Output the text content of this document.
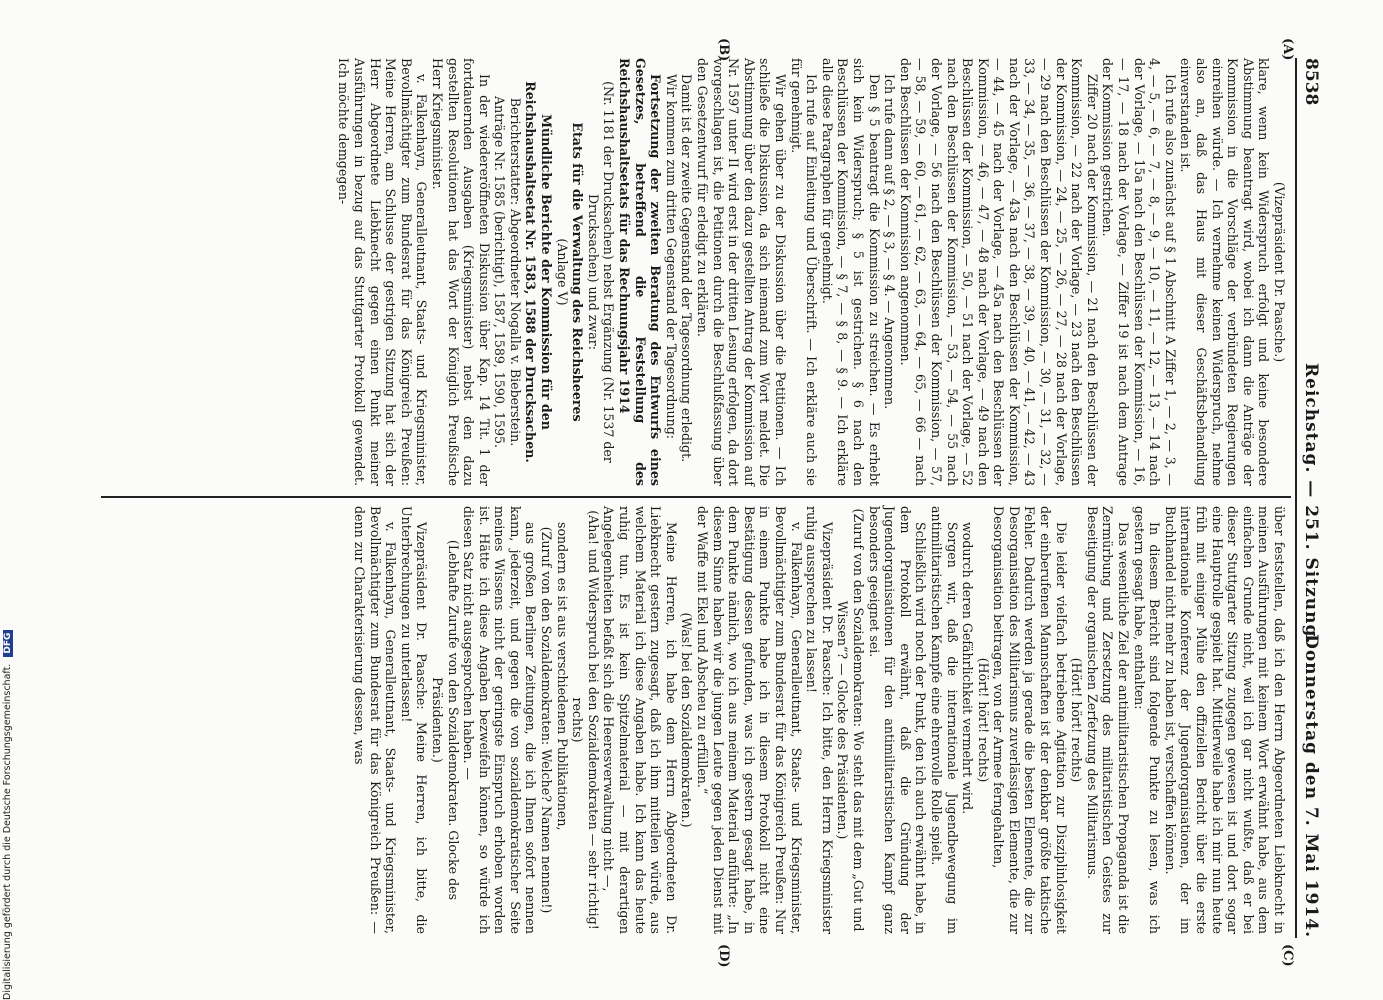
8538
Reichstag. — 251. Sitzung.
Donnerstag den 7. Mai 1914.
(A)
(B)
(C)
(D)

(Vizepräsident Dr. Paasche.)

klare, wenn kein Widerspruch erfolgt und keine besondere Abstimmung beantragt wird, wobei ich dann die Anträge der Kommission in die Vorschläge der verbündeten Regierungen einreihen würde. — Ich vernehme keinen Widerspruch, nehme also an, daß das Haus mit dieser Geschäftsbehandlung einverstanden ist.

Ich rufe also zunächst auf § 1 Abschnitt A Ziffer 1, — 2, — 3, — 4, — 5, — 6, — 7, — 8, — 9, — 10, — 11, — 12, — 13, — 14 nach der Vorlage, — 15a nach den Beschlüssen der Kommission, — 16, — 17, — 18 nach der Vorlage, — Ziffer 19 ist nach dem Antrage der Kommission gestrichen.

Ziffer 20 nach der Kommission, — 21 nach den Beschlüssen der Kommission, — 22 nach der Vorlage, — 23 nach den Beschlüssen der Kommission, — 24, — 25, — 26, — 27, — 28 nach der Vorlage, — 29 nach den Beschlüssen der Kommission, — 30, — 31, — 32, — 33, — 34, — 35, — 36, — 37, — 38, — 39, — 40, — 41, — 42, — 43 nach der Vorlage, — 43a nach den Beschlüssen der Kommission, — 44, — 45 nach der Vorlage, — 45a nach den Beschlüssen der Kommission, — 46, — 47, — 48 nach der Vorlage, — 49 nach den Beschlüssen der Kommission, — 50, — 51 nach der Vorlage, — 52 nach den Beschlüssen der Kommission, — 53, — 54, — 55 nach der Vorlage, — 56 nach den Beschlüssen der Kommission, — 57, — 58, — 59, — 60, — 61, — 62, — 63, — 64, — 65, — 66 — nach den Beschlüssen der Kommission angenommen.

Ich rufe dann auf § 2, — § 3, — § 4. — Angenommen.

Den § 5 beantragt die Kommission zu streichen. — Es erhebt sich kein Widerspruch; § 5 ist gestrichen. § 6 nach den Beschlüssen der Kommission, — § 7, — § 8, — § 9. — Ich erkläre alle diese Paragraphen für genehmigt.

Ich rufe auf Einleitung und Überschrift. — Ich erkläre auch sie für genehmigt.

Wir gehen über zu der Diskussion über die Petitionen. — Ich schließe die Diskussion, da sich niemand zum Wort meldet. Die Abstimmung über den dazu gestellten Antrag der Kommission auf Nr. 1597 unter II wird erst in der dritten Lesung erfolgen, da dort vorgeschlagen ist, die Petitionen durch die Beschlußfassung über den Gesetzentwurf für erledigt zu erklären.

Damit ist der zweite Gegenstand der Tagesordnung erledigt.

Wir kommen zum dritten Gegenstand der Tagesordnung:

Fortsetzung der zweiten Beratung des Entwurfs eines Gesetzes, betreffend die Feststellung des Reichshaushaltsetats für das Rechnungsjahr 1914

(Nr. 1181 der Drucksachen) nebst Ergänzung (Nr. 1537 der Drucksachen) und zwar:

Etats für die Verwaltung des Reichsheeres

(Anlage V)

Mündliche Berichte der Kommission für den Reichshaushaltsetat Nr. 1583, 1588 der Drucksachen.

Berichterstatter: Abgeordneter Nogalla v. Bieberstein.

Anträge Nr. 1585 (berichtigt), 1587, 1589, 1590, 1595.

In der wiedereröffneten Diskussion über Kap. 14 Tit. 1 der fortdauernden Ausgaben (Kriegsminister) nebst den dazu gestellten Resolutionen hat das Wort der Königlich Preußische Herr Kriegsminister.

v. Falkenhayn, Generalleutnant, Staats- und Kriegsminister, Bevollmächtigter zum Bundesrat für das Königreich Preußen: Meine Herren, am Schlusse der gestrigen Sitzung hat sich der Herr Abgeordnete Liebknecht gegen einen Punkt meiner Ausführungen in bezug auf das Stuttgarter Protokoll gewendet. Ich möchte demgegen-

über feststellen, daß ich den Herrn Abgeordneten Liebknecht in meinen Ausführungen mit keinem Wort erwähnt habe, aus dem einfachen Grunde nicht, weil ich gar nicht wußte, daß er bei dieser Stuttgarter Sitzung zugegen gewesen ist und dort sogar eine Hauptrolle gespielt hat. Mittlerweile habe ich mir nun heute früh mit einiger Mühe den offiziellen Bericht über die erste internationale Konferenz der Jugendorganisationen, der im Buchhandel nicht mehr zu haben ist, verschaffen können.

In diesem Bericht sind folgende Punkte zu lesen, was ich gestern gesagt habe, enthalten:

Das wesentliche Ziel der antimilitaristischen Propaganda ist die Zermürbung und Zersetzung des militaristischen Geistes zur Beseitigung der organischen Zerfetzung des Militarismus.

(Hört! hört! rechts)

Die leider vielfach betriebene Agitation zur Disziplinlosigkeit der einberufenen Mannschaften ist der denkbar größte taktische Fehler. Dadurch werden ja gerade die besten Elemente, die zur Desorganisation des Militarismus zuverlässigen Elemente, die zur Desorganisation beitragen, von der Armee ferngehalten,

(Hört! hört! rechts)

wodurch deren Gefährlichkeit vermehrt wird.

Sorgen wir, daß die internationale Jugendbewegung im antimilitaristischen Kampfe eine ehrenvolle Rolle spielt.

Schließlich wird noch der Punkt, den ich auch erwähnt habe, in dem Protokoll erwähnt, daß die Gründung der Jugendorganisationen für den antimilitaristischen Kampf ganz besonders geeignet sei.

(Zuruf von den Sozialdemokraten: Wo steht das mit dem „Gut und Wissen“? — Glocke des Präsidenten.)

Vizepräsident Dr. Paasche: Ich bitte, den Herrn Kriegsminister ruhig aussprechen zu lassen!

v. Falkenhayn, Generalleutnant, Staats- und Kriegsminister, Bevollmächtigter zum Bundesrat für das Königreich Preußen: Nur in einem Punkte habe ich in diesem Protokoll nicht eine Bestätigung dessen gefunden, was ich gestern gesagt habe, in dem Punkte nämlich, wo ich aus meinem Material anführte: „In diesem Sinne haben wir die jungen Leute gegen jeden Dienst mit der Waffe mit Ekel und Abscheu zu erfüllen.“

(Was! bei den Sozialdemokraten.)

Meine Herren, ich habe dem Herrn Abgeordneten Dr. Liebknecht gestern zugesagt, daß ich ihm mitteilen würde, aus welchem Material ich diese Angaben habe. Ich kann das heute ruhig tun. Es ist kein Spitzelmaterial — mit derartigen Angelegenheiten befaßt sich die Heeresverwaltung nicht —,

(Aha! und Widerspruch bei den Sozialdemokraten — sehr richtig! rechts)

sondern es ist aus verschiedenen Publikationen,

(Zuruf von den Sozialdemokraten: Welche? Namen nennen!)

aus großen Berliner Zeitungen, die ich Ihnen sofort nennen kann, jederzeit, und gegen die von sozialdemokratischer Seite meines Wissens nicht der geringste Einspruch erhoben worden ist. Hätte ich diese Angaben bezweifeln können, so würde ich diesen Satz nicht ausgesprochen haben. —

(Lebhafte Zurufe von den Sozialdemokraten. Glocke des Präsidenten.)

Vizepräsident Dr. Paasche: Meine Herren, ich bitte, die Unterbrechungen zu unterlassen!

v. Falkenhayn, Generalleutnant, Staats- und Kriegsminister, Bevollmächtigter zum Bundesrat für das Königreich Preußen: — denn zur Charakterisierung dessen, was

Digitalisierung gefördert durch die Deutsche Forschungsgemeinschaft. DFG
